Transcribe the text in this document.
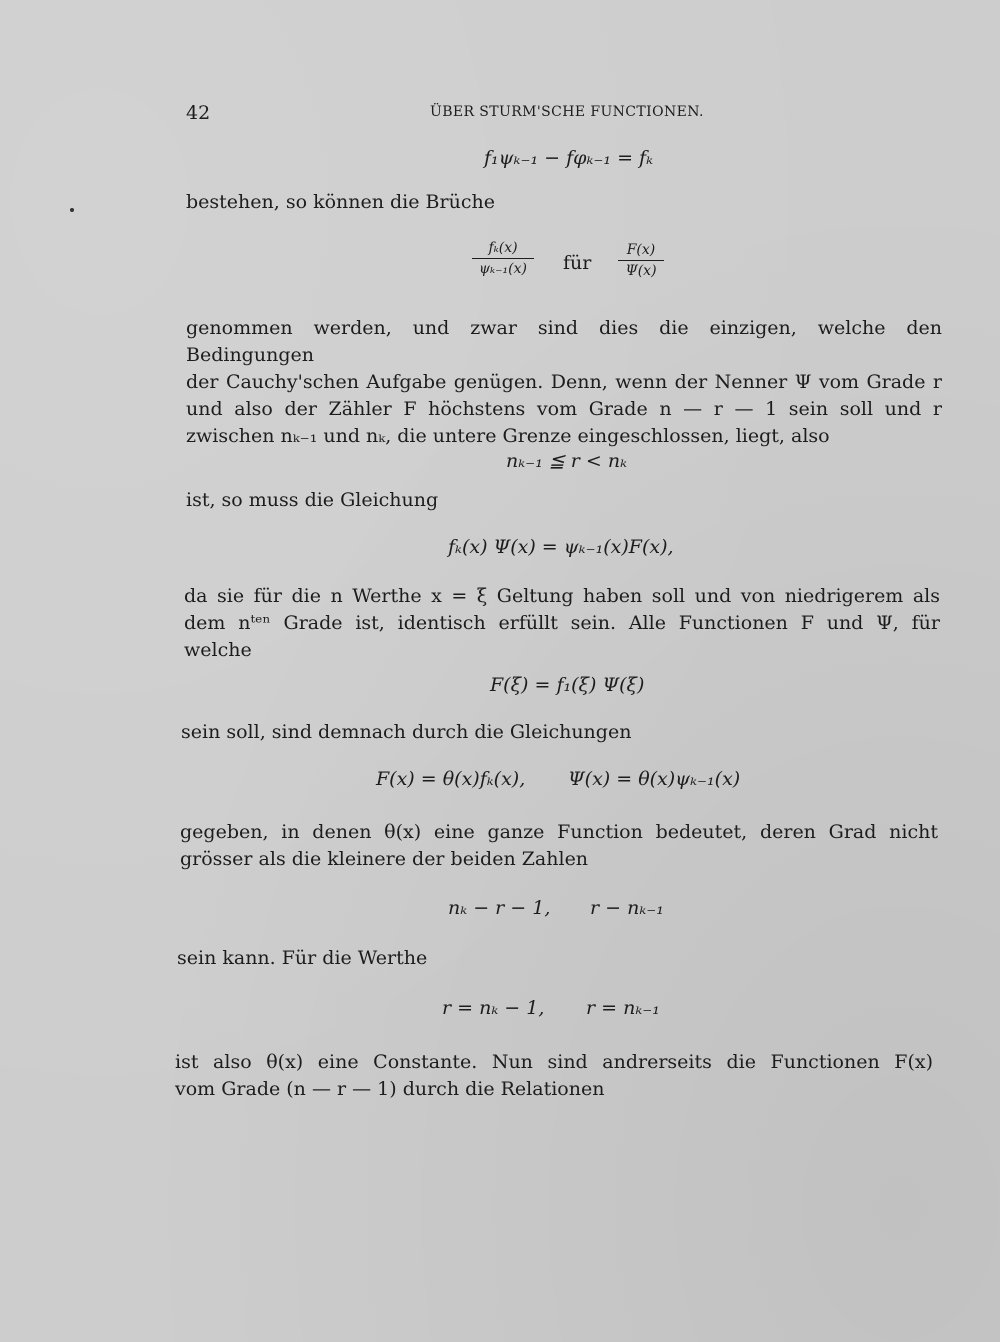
42	ÜBER STURM'SCHE FUNCTIONEN.
f₁ψₖ₋₁ − fφₖ₋₁ = fₖ
bestehen, so können die Brüche
$\frac{\text{fₖ(x)}}{\text{ψₖ₋₁(x)}}$ für $\frac{F(x)}{\Psi(x)}$
genommen werden, und zwar sind dies die einzigen, welche den Bedingungen
der Cauchy'schen Aufgabe genügen. Denn, wenn der Nenner Ψ vom Grade r
und also der Zähler F höchstens vom Grade n — r — 1 sein soll und r
zwischen nₖ₋₁ und nₖ, die untere Grenze eingeschlossen, liegt, also
nₖ₋₁ ≦ r < nₖ
ist, so muss die Gleichung
fₖ(x) Ψ(x) = ψₖ₋₁(x)F(x),
da sie für die n Werthe x = ξ Geltung haben soll und von niedrigerem als
dem nᵗᵉⁿ Grade ist, identisch erfüllt sein. Alle Functionen F und Ψ, für
welche
F(ξ) = f₁(ξ) Ψ(ξ)
sein soll, sind demnach durch die Gleichungen
F(x) = θ(x)fₖ(x), Ψ(x) = θ(x)ψₖ₋₁(x)
gegeben, in denen θ(x) eine ganze Function bedeutet, deren Grad nicht
grösser als die kleinere der beiden Zahlen
nₖ − r − 1, r − nₖ₋₁
sein kann. Für die Werthe
r = nₖ − 1, r = nₖ₋₁
ist also θ(x) eine Constante. Nun sind andrerseits die Functionen F(x)
vom Grade (n — r — 1) durch die Relationen
